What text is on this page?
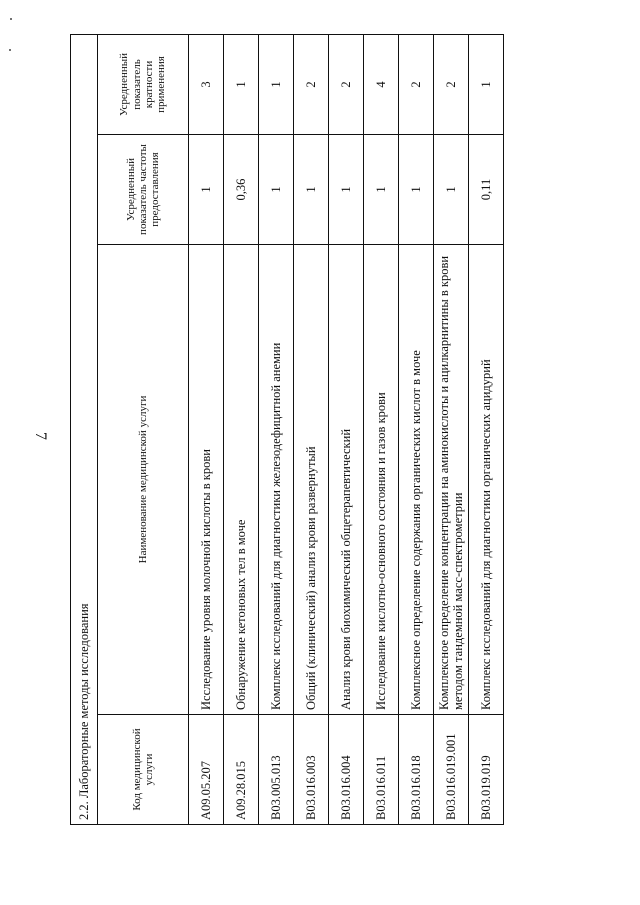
7
2.2. Лабораторные методы исследования			
Код медицинской услуги	Наименование медицинской услуги	Усредненный показатель частоты предоставления	Усредненный показатель кратности применения
A09.05.207	Исследование уровня молочной кислоты в крови	1	3
A09.28.015	Обнаружение кетоновых тел в моче	0,36	1
B03.005.013	Комплекс исследований для диагностики железодефицитной анемии	1	1
B03.016.003	Общий (клинический) анализ крови развернутый	1	2
B03.016.004	Анализ крови биохимический общетерапевтический	1	2
B03.016.011	Исследование кислотно-основного состояния и газов крови	1	4
B03.016.018	Комплексное определение содержания органических кислот в моче	1	2
B03.016.019.001	Комплексное определение концентрации на аминокислоты и ацилкарнитины в крови методом тандемной масс-спектрометрии	1	2
B03.019.019	Комплекс исследований для диагностики органических ацидурий	0,11	1
